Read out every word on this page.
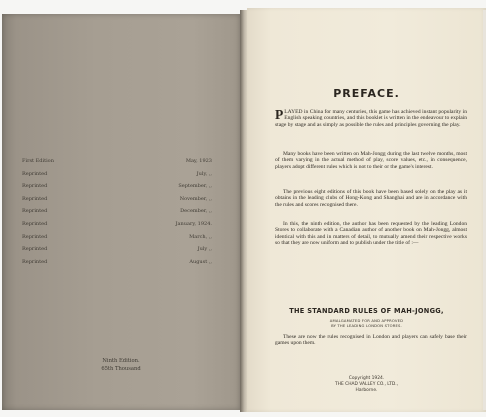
First Edition	May, 1923
Reprinted	July, ,,
Reprinted	September, ,,
Reprinted	November, ,,
Reprinted	December, ,,
Reprinted	January, 1924.
Reprinted	March, ,,
Reprinted	July ,,
Reprinted	August ,,
Ninth Edition.
65th Thousand
PREFACE.

PLAYED in China for many centuries, this game has achieved instant popularity in English speaking countries, and this booklet is written in the endeavour to explain stage by stage and as simply as possible the rules and principles governing the play.

Many books have been written on Mah-Jongg during the last twelve months, most of them varying in the actual method of play, score values, etc., in consequence, players adopt different rules which is not to their or the game's interest.

The previous eight editions of this book have been based solely on the play as it obtains in the leading clubs of Hong-Kong and Shanghai and are in accordance with the rules and scores recognised there.

In this, the ninth edition, the author has been requested by the leading London Stores to collaborate with a Canadian author of another book on Mah-Jongg, almost identical with this and in matters of detail, to mutually amend their respective works so that they are now uniform and to publish under the title of :—

THE STANDARD RULES OF MAH-JONGG,
AMALGAMATED FOR AND APPROVED
BY THE LEADING LONDON STORES.

These are now the rules recognised in London and players can safely base their games upon them.

Copyright 1924.
THE CHAD VALLEY CO., LTD.,
Harborne.
